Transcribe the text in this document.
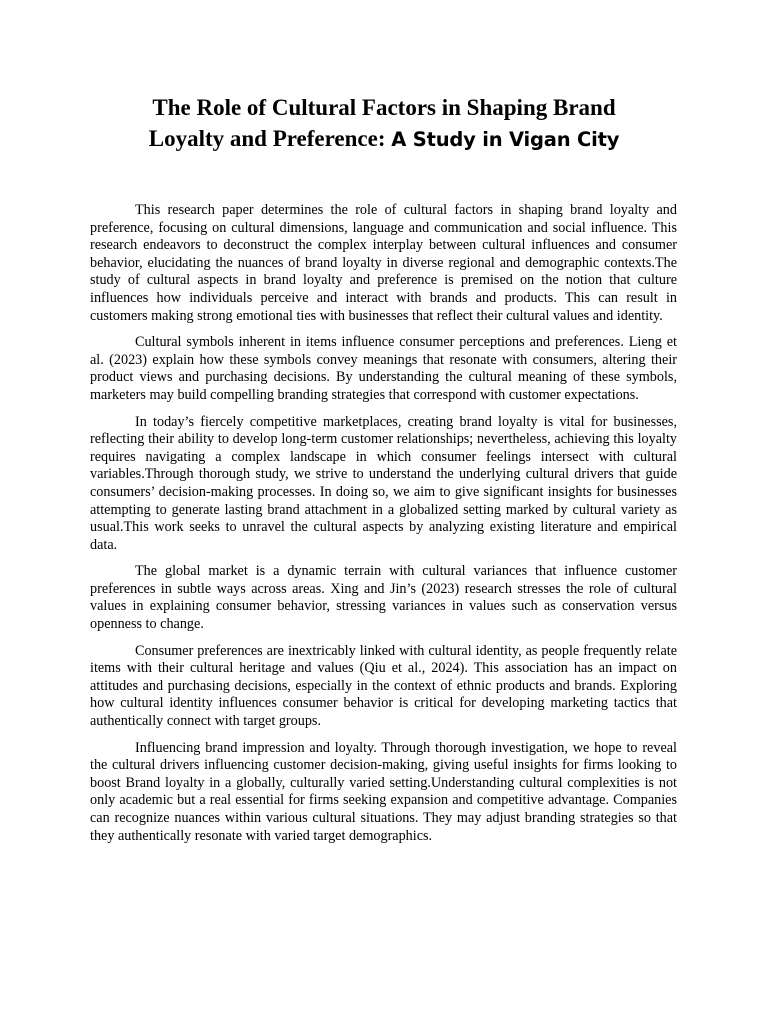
The Role of Cultural Factors in Shaping Brand
Loyalty and Preference: A Study in Vigan City

This research paper determines the role of cultural factors in shaping brand loyalty and preference, focusing on cultural dimensions, language and communication and social influence. This research endeavors to deconstruct the complex interplay between cultural influences and consumer behavior, elucidating the nuances of brand loyalty in diverse regional and demographic contexts.The study of cultural aspects in brand loyalty and preference is premised on the notion that culture influences how individuals perceive and interact with brands and products. This can result in customers making strong emotional ties with businesses that reflect their cultural values and identity.

Cultural symbols inherent in items influence consumer perceptions and preferences. Lieng et al. (2023) explain how these symbols convey meanings that resonate with consumers, altering their product views and purchasing decisions. By understanding the cultural meaning of these symbols, marketers may build compelling branding strategies that correspond with customer expectations.

In today’s fiercely competitive marketplaces, creating brand loyalty is vital for businesses, reflecting their ability to develop long-term customer relationships; nevertheless, achieving this loyalty requires navigating a complex landscape in which consumer feelings intersect with cultural variables.Through thorough study, we strive to understand the underlying cultural drivers that guide consumers’ decision-making processes. In doing so, we aim to give significant insights for businesses attempting to generate lasting brand attachment in a globalized setting marked by cultural variety as usual.This work seeks to unravel the cultural aspects by analyzing existing literature and empirical data.

The global market is a dynamic terrain with cultural variances that influence customer preferences in subtle ways across areas. Xing and Jin’s (2023) research stresses the role of cultural values in explaining consumer behavior, stressing variances in values such as conservation versus openness to change.

Consumer preferences are inextricably linked with cultural identity, as people frequently relate items with their cultural heritage and values (Qiu et al., 2024). This association has an impact on attitudes and purchasing decisions, especially in the context of ethnic products and brands. Exploring how cultural identity influences consumer behavior is critical for developing marketing tactics that authentically connect with target groups.

Influencing brand impression and loyalty. Through thorough investigation, we hope to reveal the cultural drivers influencing customer decision-making, giving useful insights for firms looking to boost Brand loyalty in a globally, culturally varied setting.Understanding cultural complexities is not only academic but a real essential for firms seeking expansion and competitive advantage. Companies can recognize nuances within various cultural situations. They may adjust branding strategies so that they authentically resonate with varied target demographics.
